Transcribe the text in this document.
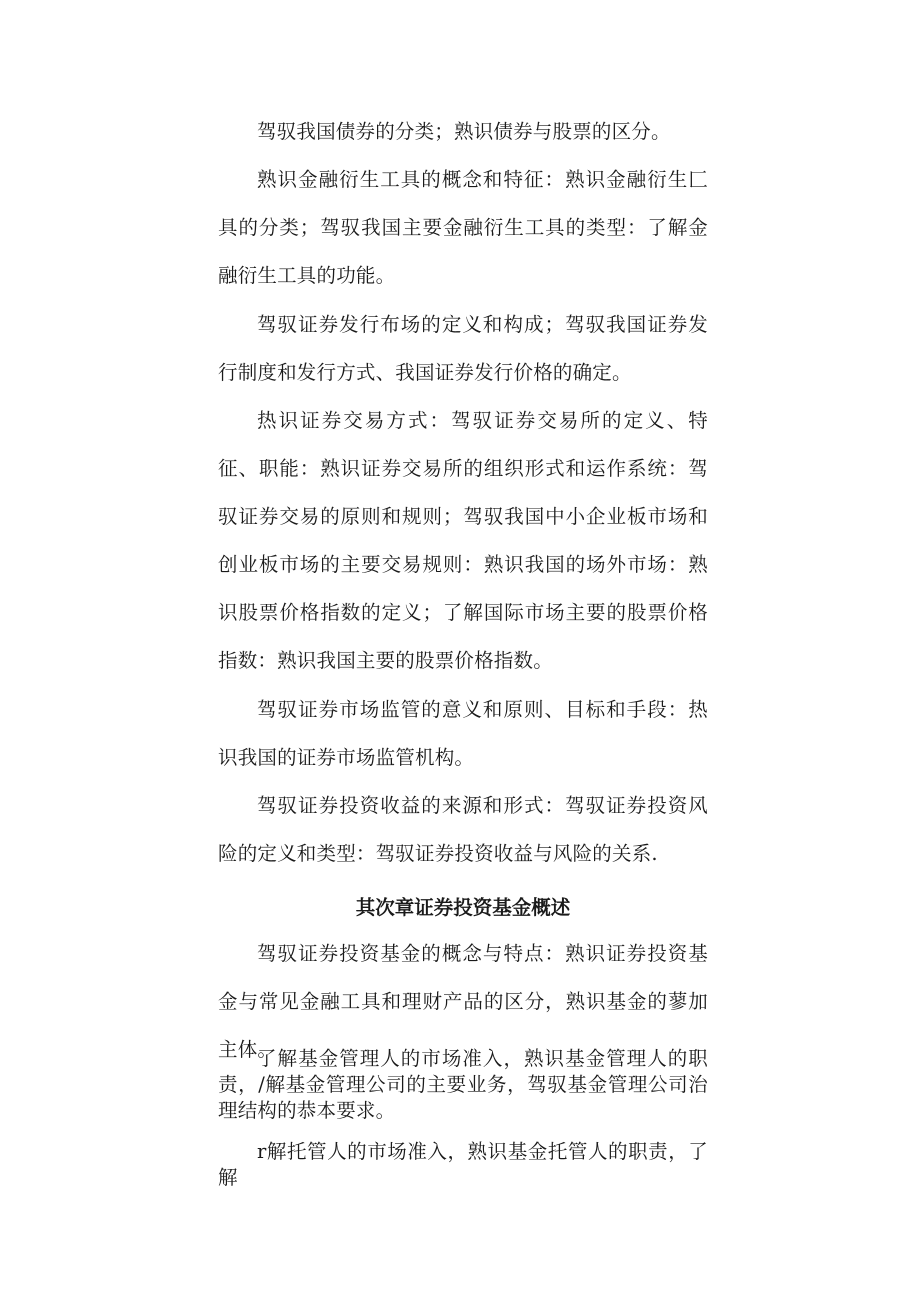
驾驭我国债券的分类；熟识债券与股票的区分。

熟识金融衍生工具的概念和特征：熟识金融衍生匚具的分类；驾驭我国主要金融衍生工具的类型：了解金融衍生工具的功能。

驾驭证券发行布场的定义和构成；驾驭我国证券发行制度和发行方式、我国证券发行价格的确定。

热识证券交易方式：驾驭证券交易所的定义、特征、职能：熟识证券交易所的组织形式和运作系统：驾驭证券交易的原则和规则；驾驭我国中小企业板市场和创业板市场的主要交易规则：熟识我国的场外市场：熟识股票价格指数的定义；了解国际市场主要的股票价格指数：熟识我国主要的股票价格指数。

驾驭证券市场监管的意义和原则、目标和手段：热识我国的证券市场监管机构。

驾驭证券投资收益的来源和形式：驾驭证券投资风险的定义和类型：驾驭证券投资收益与风险的关系.

其次章证券投资基金概述

驾驭证券投资基金的概念与特点：熟识证券投资基金与常见金融工具和理财产品的区分，熟识基金的蓼加主体。

了解基金管理人的市场准入，熟识基金管理人的职责，/解基金管理公司的主要业务，驾驭基金管理公司治理结构的恭本要求。

r解托管人的市场准入，熟识基金托管人的职责，了解
